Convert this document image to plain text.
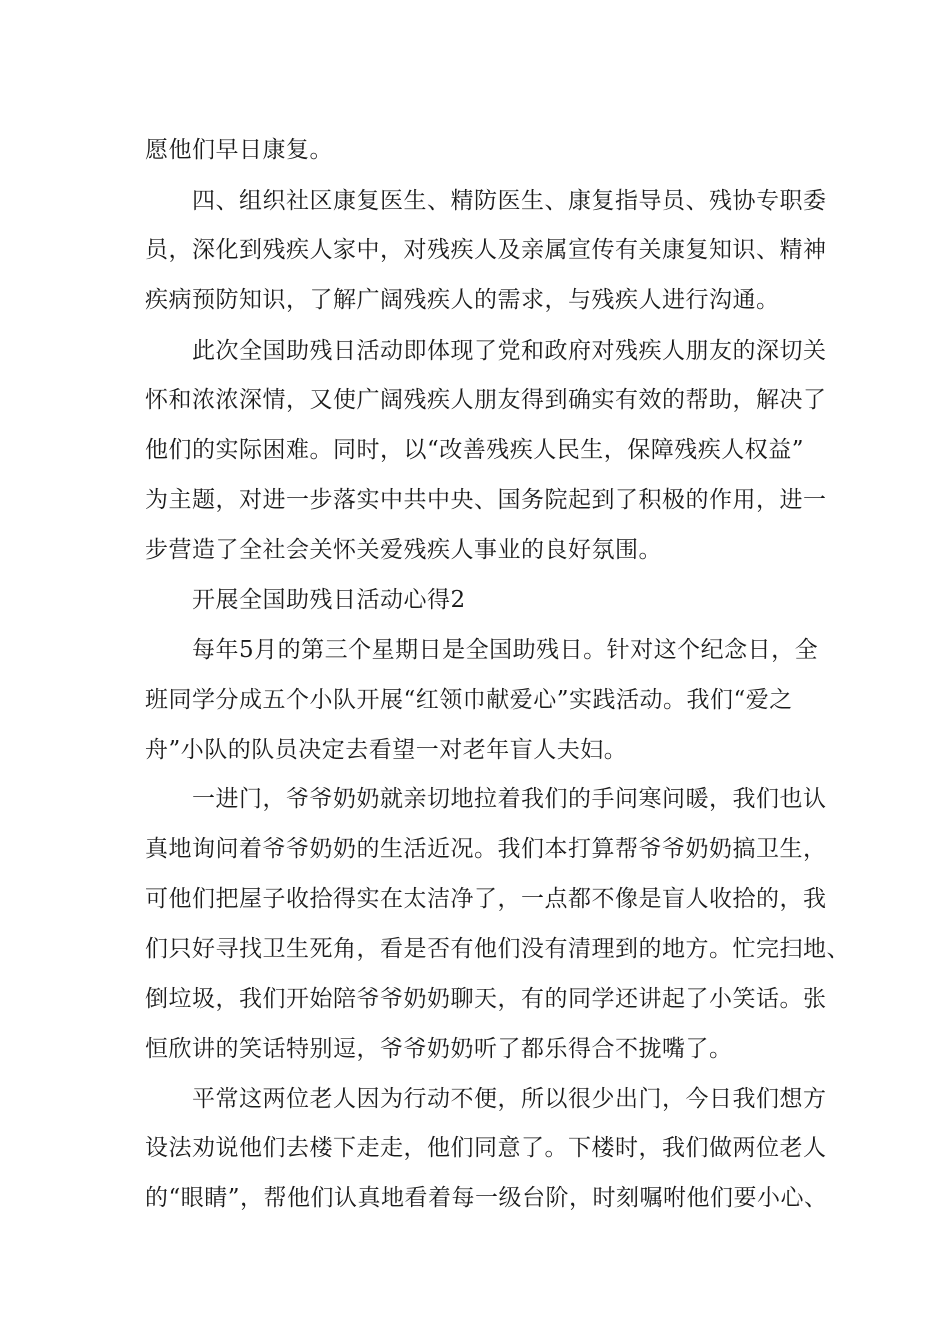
愿他们早日康复。
四、组织社区康复医生、精防医生、康复指导员、残协专职委
员，深化到残疾人家中，对残疾人及亲属宣传有关康复知识、精神
疾病预防知识，了解广阔残疾人的需求，与残疾人进行沟通。
此次全国助残日活动即体现了党和政府对残疾人朋友的深切关
怀和浓浓深情，又使广阔残疾人朋友得到确实有效的帮助，解决了
他们的实际困难。同时，以“改善残疾人民生，保障残疾人权益”
为主题，对进一步落实中共中央、国务院起到了积极的作用，进一
步营造了全社会关怀关爱残疾人事业的良好氛围。
开展全国助残日活动心得2
每年5月的第三个星期日是全国助残日。针对这个纪念日，全
班同学分成五个小队开展“红领巾献爱心”实践活动。我们“爱之
舟”小队的队员决定去看望一对老年盲人夫妇。
一进门，爷爷奶奶就亲切地拉着我们的手问寒问暖，我们也认
真地询问着爷爷奶奶的生活近况。我们本打算帮爷爷奶奶搞卫生，
可他们把屋子收拾得实在太洁净了，一点都不像是盲人收拾的，我
们只好寻找卫生死角，看是否有他们没有清理到的地方。忙完扫地、
倒垃圾，我们开始陪爷爷奶奶聊天，有的同学还讲起了小笑话。张
恒欣讲的笑话特别逗，爷爷奶奶听了都乐得合不拢嘴了。
平常这两位老人因为行动不便，所以很少出门，今日我们想方
设法劝说他们去楼下走走，他们同意了。下楼时，我们做两位老人
的“眼睛”，帮他们认真地看着每一级台阶，时刻嘱咐他们要小心、
